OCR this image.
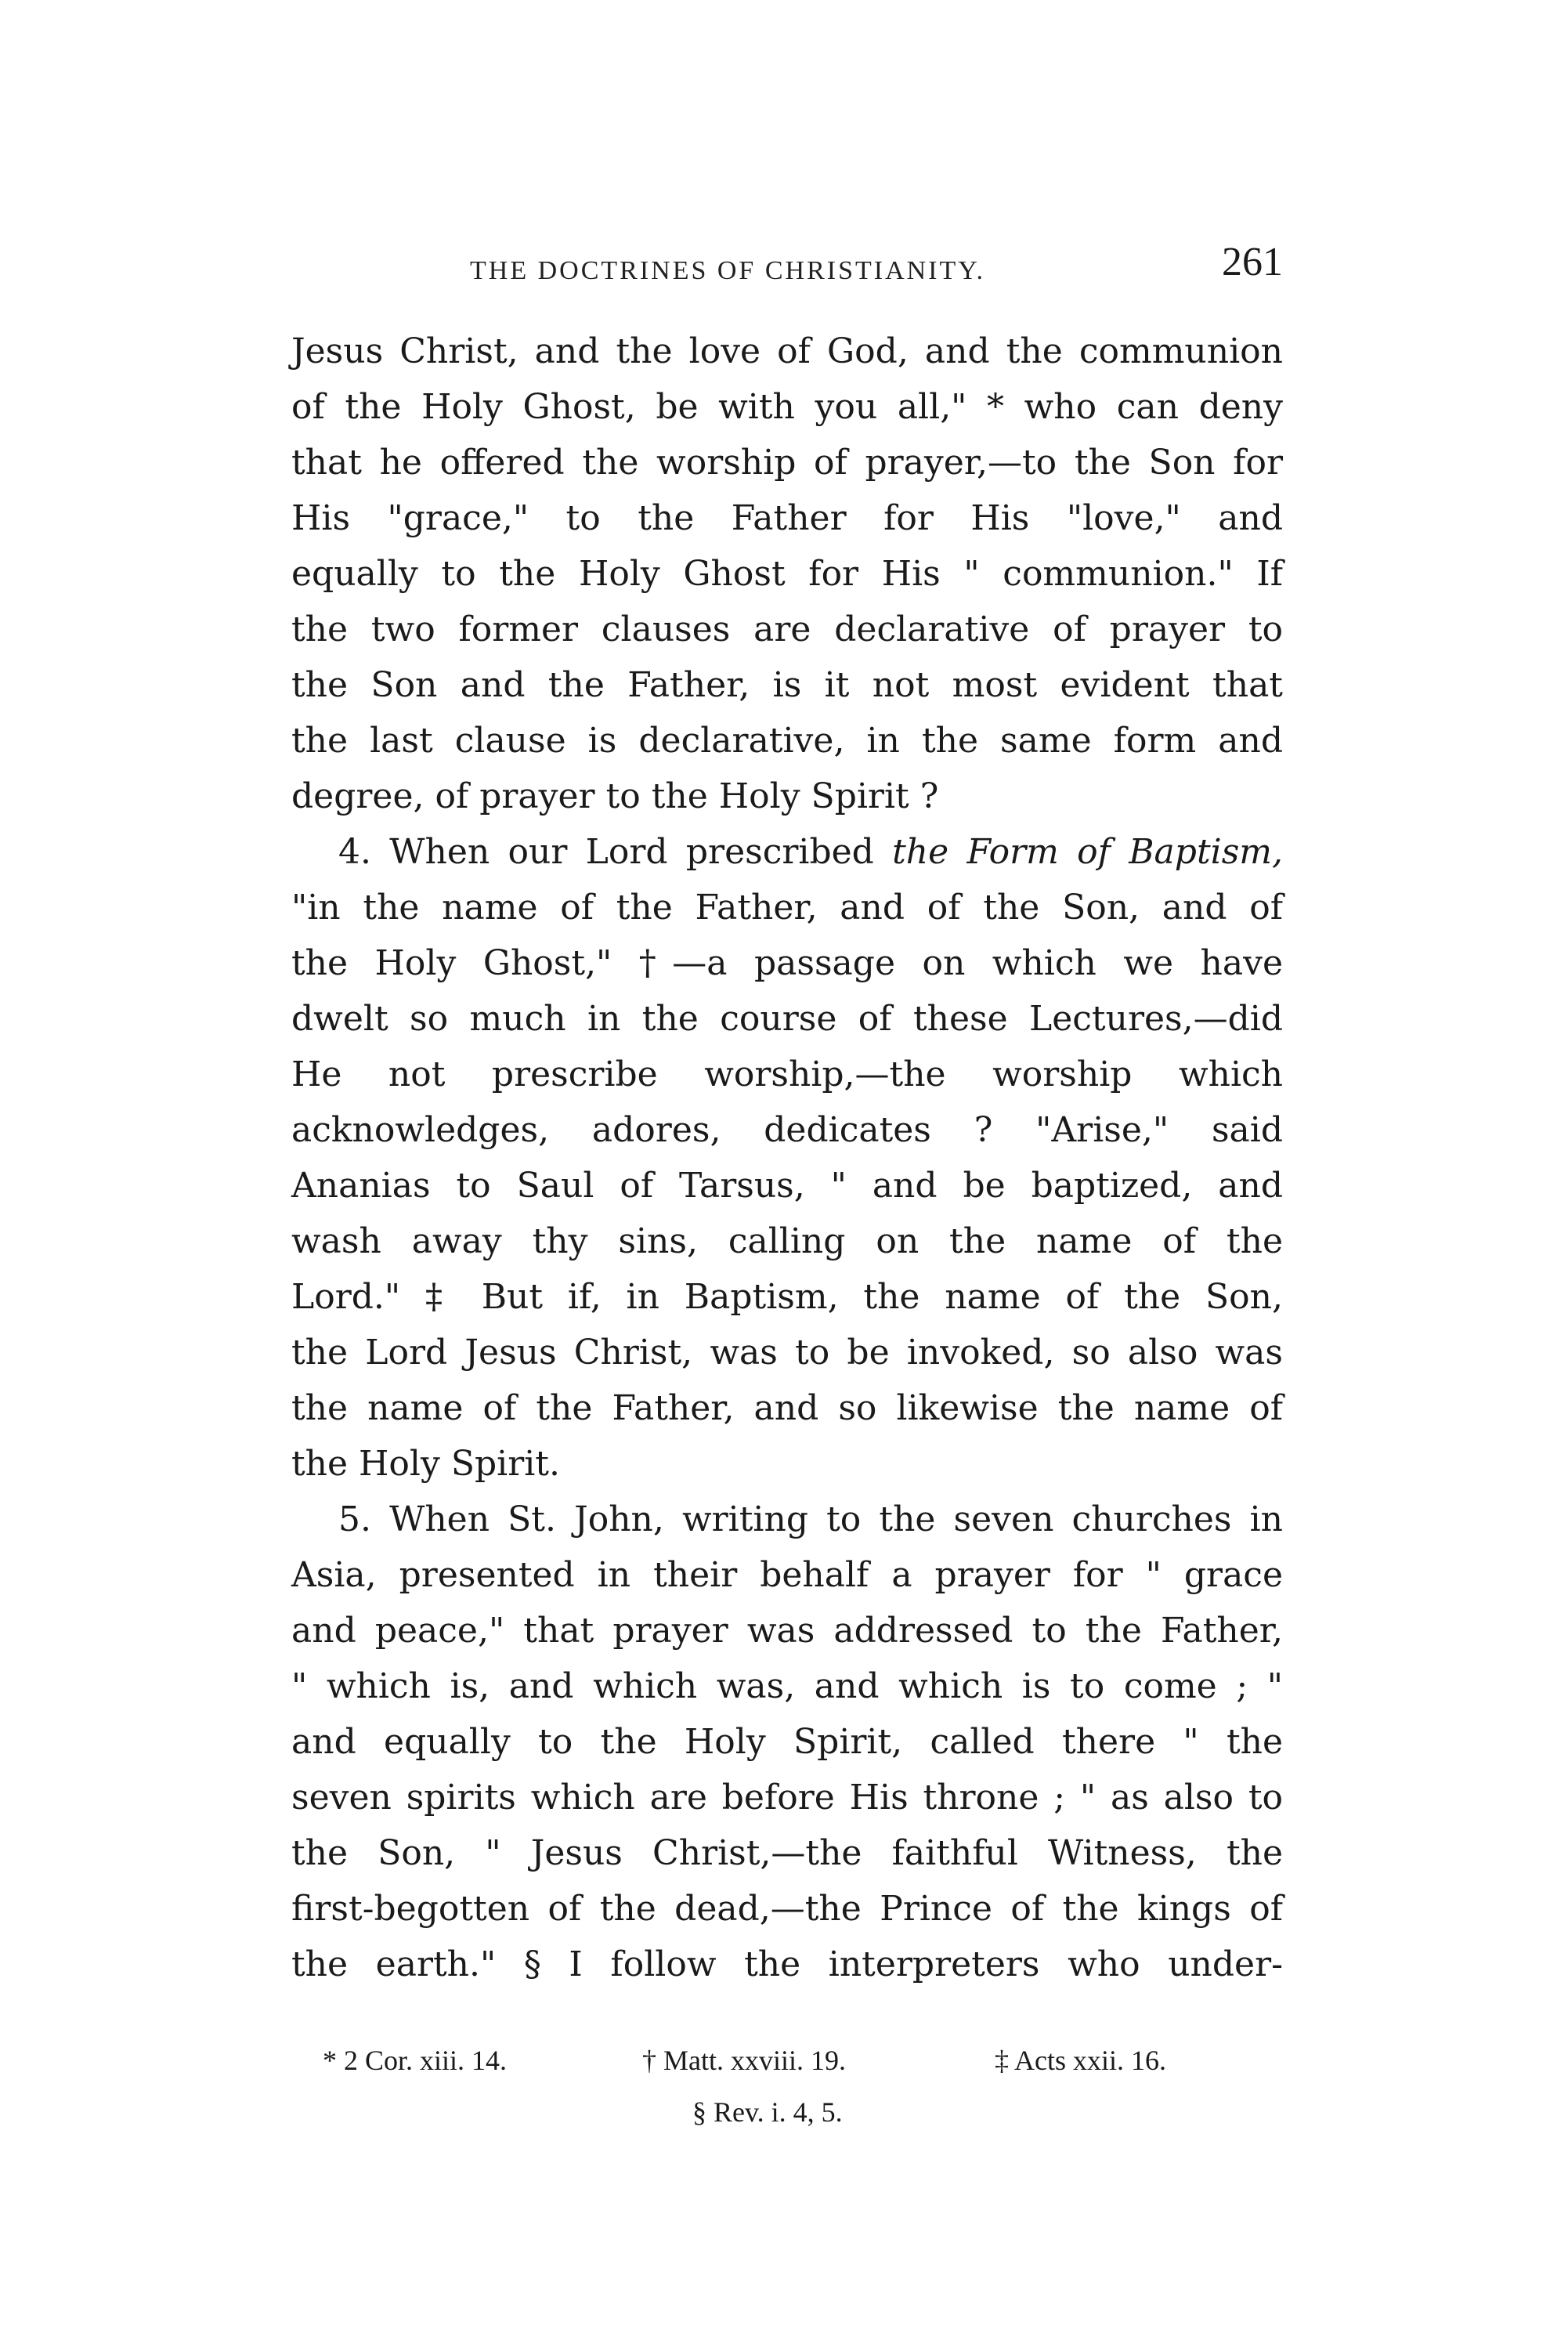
THE DOCTRINES OF CHRISTIANITY.	261
Jesus Christ, and the love of God, and the communion
of the Holy Ghost, be with you all," * who can deny
that he offered the worship of prayer,—to the Son for
His "grace," to the Father for His "love," and
equally to the Holy Ghost for His " communion." If
the two former clauses are declarative of prayer to
the Son and the Father, is it not most evident that
the last clause is declarative, in the same form and
degree, of prayer to the Holy Spirit ?
4. When our Lord prescribed the Form of Baptism,
"in the name of the Father, and of the Son, and of
the Holy Ghost," †—a passage on which we have
dwelt so much in the course of these Lectures,—did
He not prescribe worship,—the worship which
acknowledges, adores, dedicates ? "Arise," said
Ananias to Saul of Tarsus, " and be baptized, and
wash away thy sins, calling on the name of the
Lord." ‡ But if, in Baptism, the name of the Son,
the Lord Jesus Christ, was to be invoked, so also was
the name of the Father, and so likewise the name of
the Holy Spirit.
5. When St. John, writing to the seven churches in
Asia, presented in their behalf a prayer for " grace
and peace," that prayer was addressed to the Father,
" which is, and which was, and which is to come ; "
and equally to the Holy Spirit, called there " the
seven spirits which are before His throne ; " as also to
the Son, " Jesus Christ,—the faithful Witness, the
first-begotten of the dead,—the Prince of the kings of
the earth." § I follow the interpreters who under-
* 2 Cor. xiii. 14.	† Matt. xxviii. 19.	‡ Acts xxii. 16.
§ Rev. i. 4, 5.
